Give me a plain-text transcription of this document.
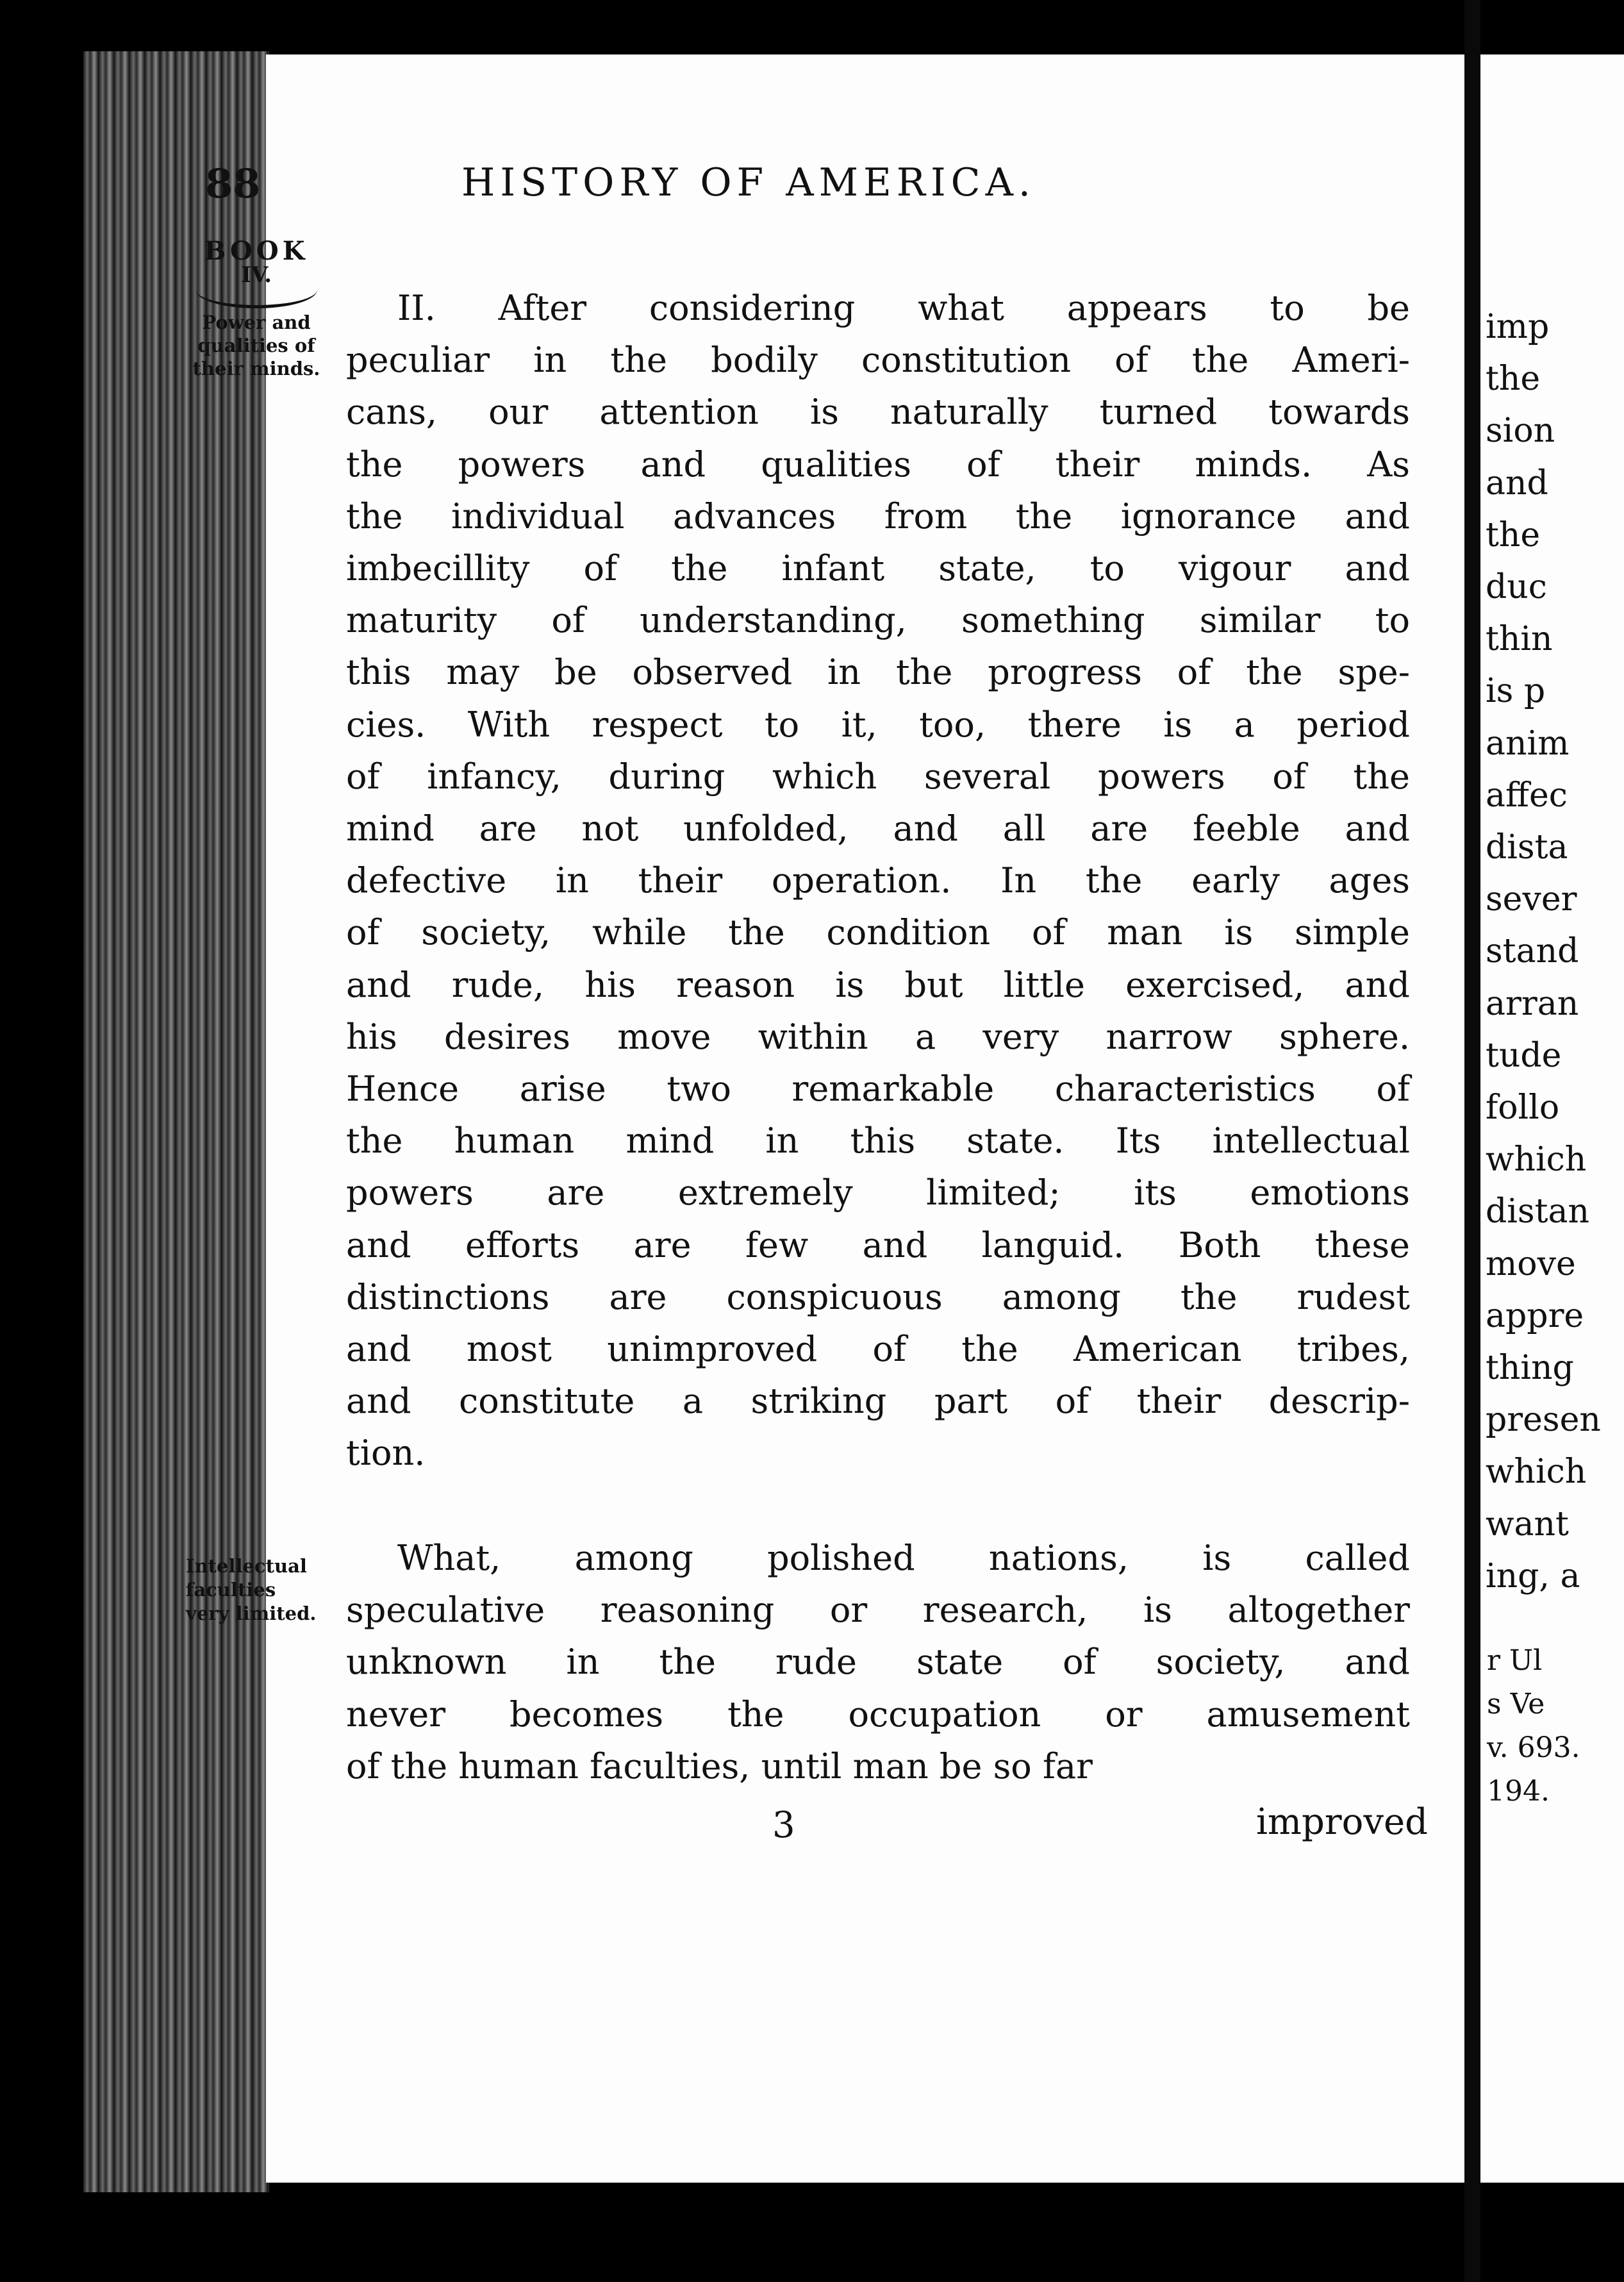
imp
the
sion
and
the
duc
thin
is p
anim
affec
dista
sever
stand
arran
tude
follo
which
distan
move
appre
thing
presen
which
want
ing, a
r Ul
s Ve
v. 693.
194.
88	HISTORY OF AMERICA.
BOOK
IV.
Power and qualities of their minds.
Intellectual
faculties
very limited.
II. After considering what appears to be
peculiar in the bodily constitution of the Ameri-
cans, our attention is naturally turned towards
the powers and qualities of their minds. As
the individual advances from the ignorance and
imbecillity of the infant state, to vigour and
maturity of understanding, something similar to
this may be observed in the progress of the spe-
cies. With respect to it, too, there is a period
of infancy, during which several powers of the
mind are not unfolded, and all are feeble and
defective in their operation. In the early ages
of society, while the condition of man is simple
and rude, his reason is but little exercised, and
his desires move within a very narrow sphere.
Hence arise two remarkable characteristics of
the human mind in this state. Its intellectual
powers are extremely limited; its emotions
and efforts are few and languid. Both these
distinctions are conspicuous among the rudest
and most unimproved of the American tribes,
and constitute a striking part of their descrip-
tion.
What, among polished nations, is called
speculative reasoning or research, is altogether
unknown in the rude state of society, and
never becomes the occupation or amusement
of the human faculties, until man be so far
3	improved
